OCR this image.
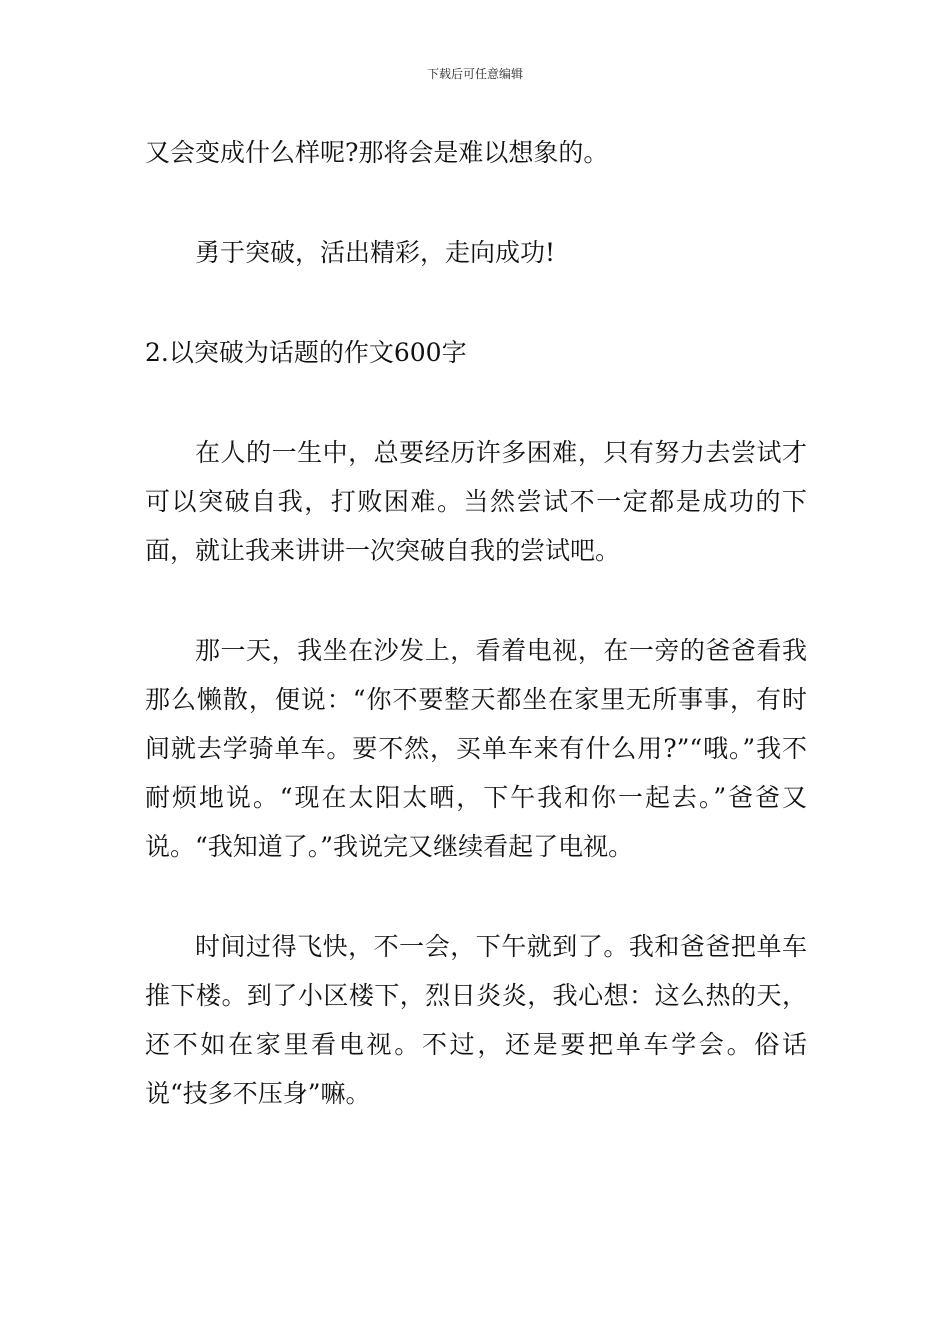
下载后可任意编辑

又会变成什么样呢?那将会是难以想象的。

勇于突破，活出精彩，走向成功!

2.以突破为话题的作文600字

在人的一生中，总要经历许多困难，只有努力去尝试才可以突破自我，打败困难。当然尝试不一定都是成功的下面，就让我来讲讲一次突破自我的尝试吧。

那一天，我坐在沙发上，看着电视，在一旁的爸爸看我那么懒散，便说：“你不要整天都坐在家里无所事事，有时间就去学骑单车。要不然，买单车来有什么用?”“哦。”我不耐烦地说。“现在太阳太晒，下午我和你一起去。”爸爸又说。“我知道了。”我说完又继续看起了电视。

时间过得飞快，不一会，下午就到了。我和爸爸把单车推下楼。到了小区楼下，烈日炎炎，我心想：这么热的天，还不如在家里看电视。不过，还是要把单车学会。俗话说“技多不压身”嘛。
